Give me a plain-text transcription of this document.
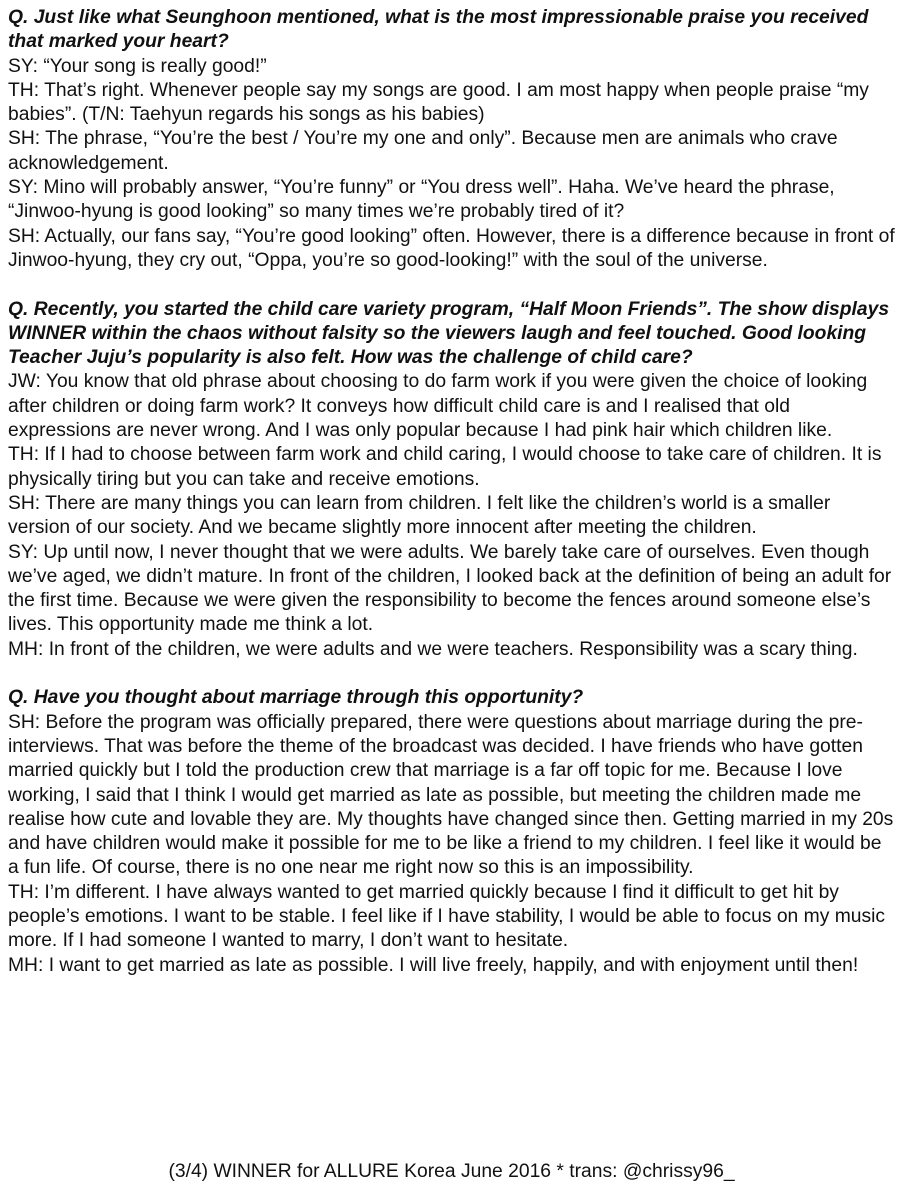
Q. Just like what Seunghoon mentioned, what is the most impressionable praise you received that marked your heart?

SY: “Your song is really good!”

TH: That’s right. Whenever people say my songs are good. I am most happy when people praise “my babies”. (T/N: Taehyun regards his songs as his babies)

SH: The phrase, “You’re the best / You’re my one and only”. Because men are animals who crave acknowledgement.

SY: Mino will probably answer, “You’re funny” or “You dress well”. Haha. We’ve heard the phrase, “Jinwoo-hyung is good looking” so many times we’re probably tired of it?

SH: Actually, our fans say, “You’re good looking” often. However, there is a difference because in front of Jinwoo-hyung, they cry out, “Oppa, you’re so good-looking!” with the soul of the universe.

Q. Recently, you started the child care variety program, “Half Moon Friends”. The show displays WINNER within the chaos without falsity so the viewers laugh and feel touched. Good looking Teacher Juju’s popularity is also felt. How was the challenge of child care?

JW: You know that old phrase about choosing to do farm work if you were given the choice of looking after children or doing farm work? It conveys how difficult child care is and I realised that old expressions are never wrong. And I was only popular because I had pink hair which children like.

TH: If I had to choose between farm work and child caring, I would choose to take care of children. It is physically tiring but you can take and receive emotions.

SH: There are many things you can learn from children. I felt like the children’s world is a smaller version of our society. And we became slightly more innocent after meeting the children.

SY: Up until now, I never thought that we were adults. We barely take care of ourselves. Even though we’ve aged, we didn’t mature. In front of the children, I looked back at the definition of being an adult for the first time. Because we were given the responsibility to become the fences around someone else’s lives. This opportunity made me think a lot.

MH: In front of the children, we were adults and we were teachers. Responsibility was a scary thing.

Q. Have you thought about marriage through this opportunity?

SH: Before the program was officially prepared, there were questions about marriage during the pre-interviews. That was before the theme of the broadcast was decided. I have friends who have gotten married quickly but I told the production crew that marriage is a far off topic for me. Because I love working, I said that I think I would get married as late as possible, but meeting the children made me realise how cute and lovable they are. My thoughts have changed since then. Getting married in my 20s and have children would make it possible for me to be like a friend to my children. I feel like it would be a fun life. Of course, there is no one near me right now so this is an impossibility.

TH: I’m different. I have always wanted to get married quickly because I find it difficult to get hit by people’s emotions. I want to be stable. I feel like if I have stability, I would be able to focus on my music more. If I had someone I wanted to marry, I don’t want to hesitate.

MH: I want to get married as late as possible. I will live freely, happily, and with enjoyment until then!

(3/4) WINNER for ALLURE Korea June 2016 * trans: @chrissy96_
